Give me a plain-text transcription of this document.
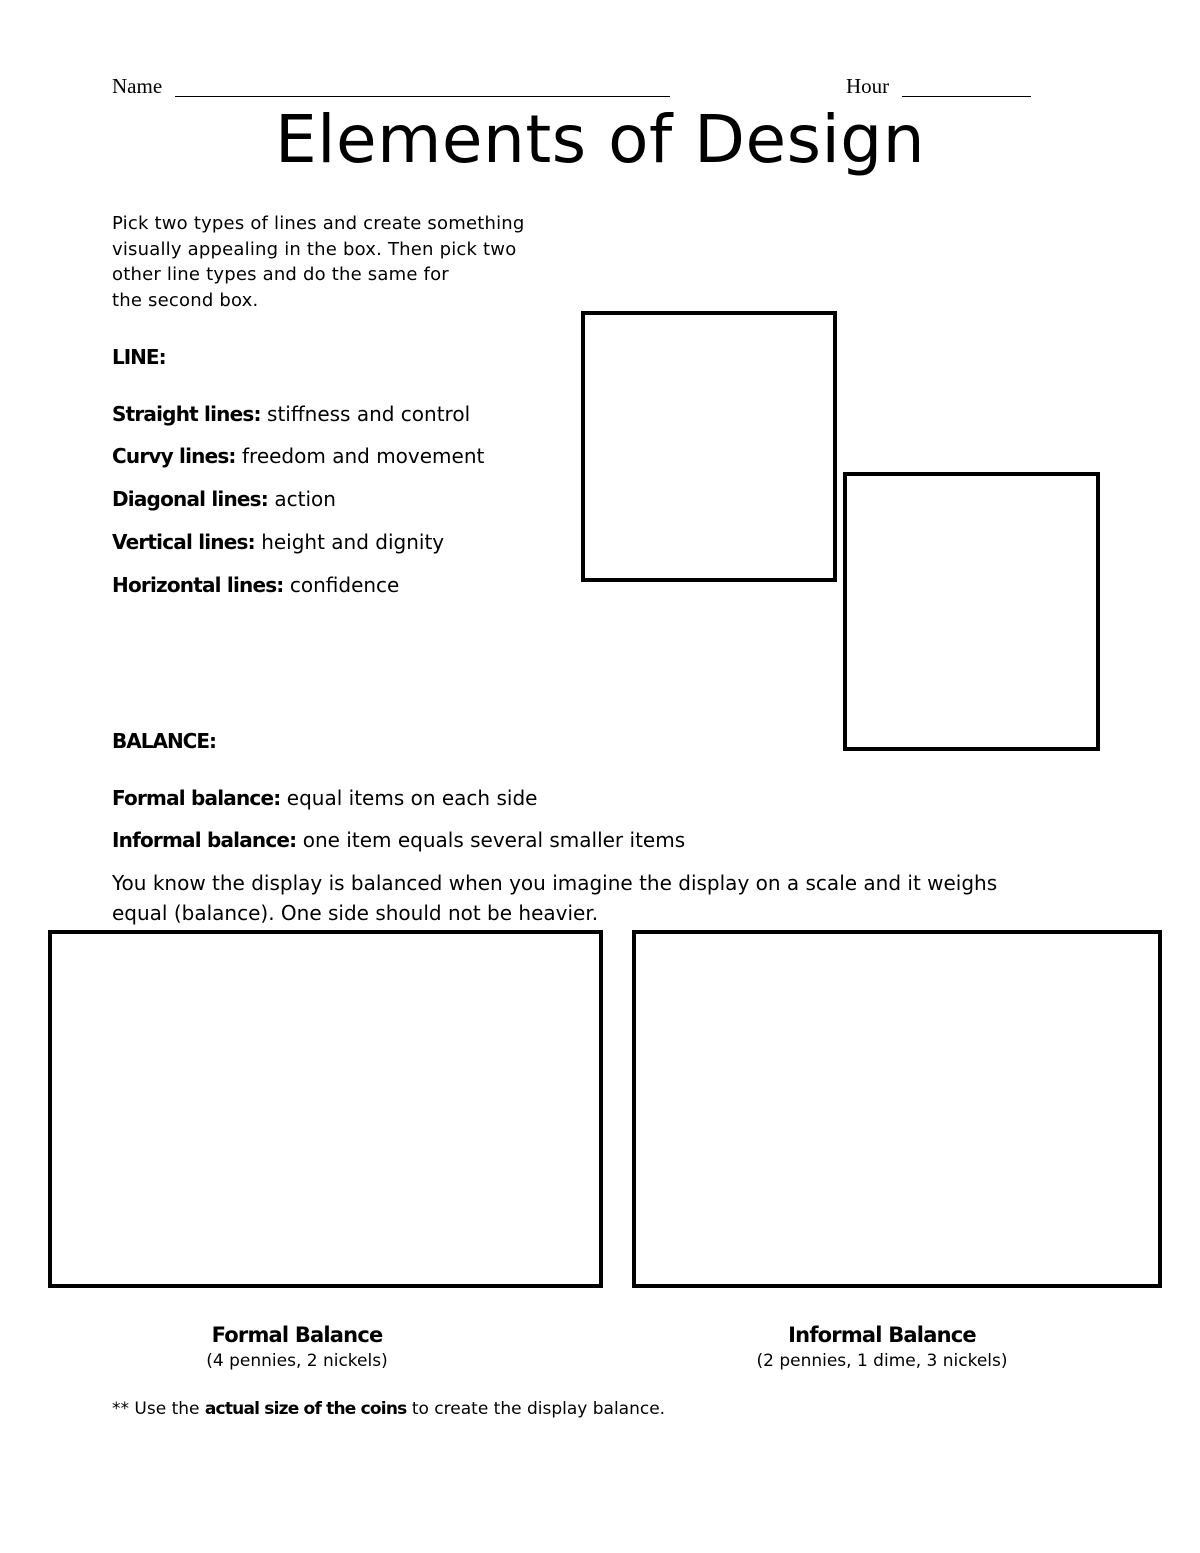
Name	Hour
Elements of Design
Pick two types of lines and create something
visually appealing in the box. Then pick two
other line types and do the same for
the second box.
LINE:
Straight lines: stiffness and control
Curvy lines: freedom and movement
Diagonal lines: action
Vertical lines: height and dignity
Horizontal lines: confidence
BALANCE:
Formal balance: equal items on each side
Informal balance: one item equals several smaller items
You know the display is balanced when you imagine the display on a scale and it weighs equal (balance). One side should not be heavier.
Formal Balance
(4 pennies, 2 nickels)
Informal Balance
(2 pennies, 1 dime, 3 nickels)
** Use the actual size of the coins to create the display balance.
